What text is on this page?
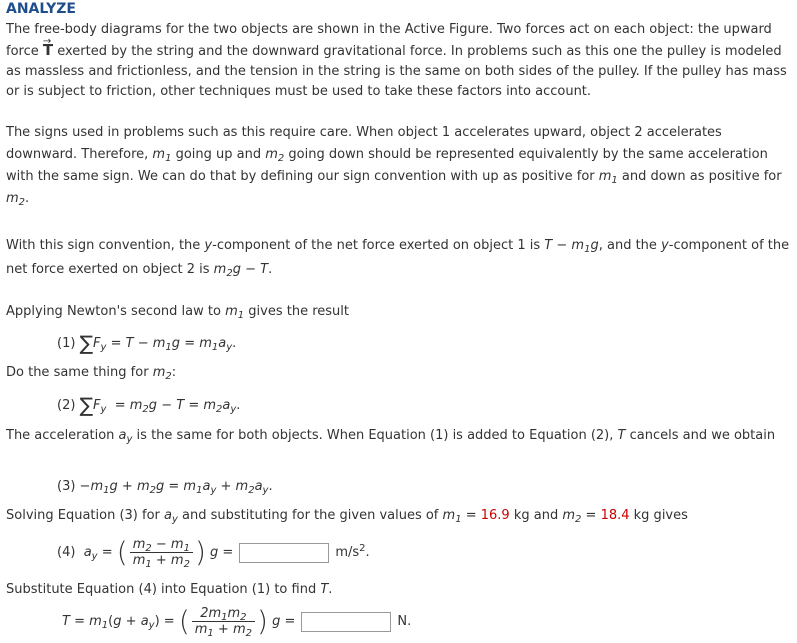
ANALYZE
The free-body diagrams for the two objects are shown in the Active Figure. Two forces act on each object: the upward force → T exerted by the string and the downward gravitational force. In problems such as this one the pulley is modeled as massless and frictionless, and the tension in the string is the same on both sides of the pulley. If the pulley has mass or is subject to friction, other techniques must be used to take these factors into account.
The signs used in problems such as this require care. When object 1 accelerates upward, object 2 accelerates downward. Therefore, $m_1$ going up and $m_2$ going down should be represented equivalently by the same acceleration with the same sign. We can do that by defining our sign convention with up as positive for $m_1$ and down as positive for $m_2$.
With this sign convention, the y-component of the net force exerted on object 1 is $T - m_1g$, and the y-component of the net force exerted on object 2 is $m_2g - T$.
Applying Newton's second law to $m_1$ gives the result
(1) $\sum F_y = T - m_1g = m_1a_y$.
Do the same thing for $m_2$:
(2) $\sum F_y = m_2g - T = m_2a_y$.
The acceleration $a_y$ is the same for both objects. When Equation (1) is added to Equation (2), T cancels and we obtain
$(3) -m_1g + m_2g = m_1a_y + m_2a_y$.
Solving Equation (3) for $a_y$ and substituting for the given values of $m_1 = 16.9$ kg and $m_2 = 18.4$ kg gives
(4) $a_y$ = ( $\frac{m_2 - m_1}{m_1 + m_2}$ ) g =	$m/s^2$.
Substitute Equation (4) into Equation (1) to find T.
$T = m_1(g + a_y)$ = ( $\frac{2m_1m_2}{m_1 + m_2}$ ) g =	N.
